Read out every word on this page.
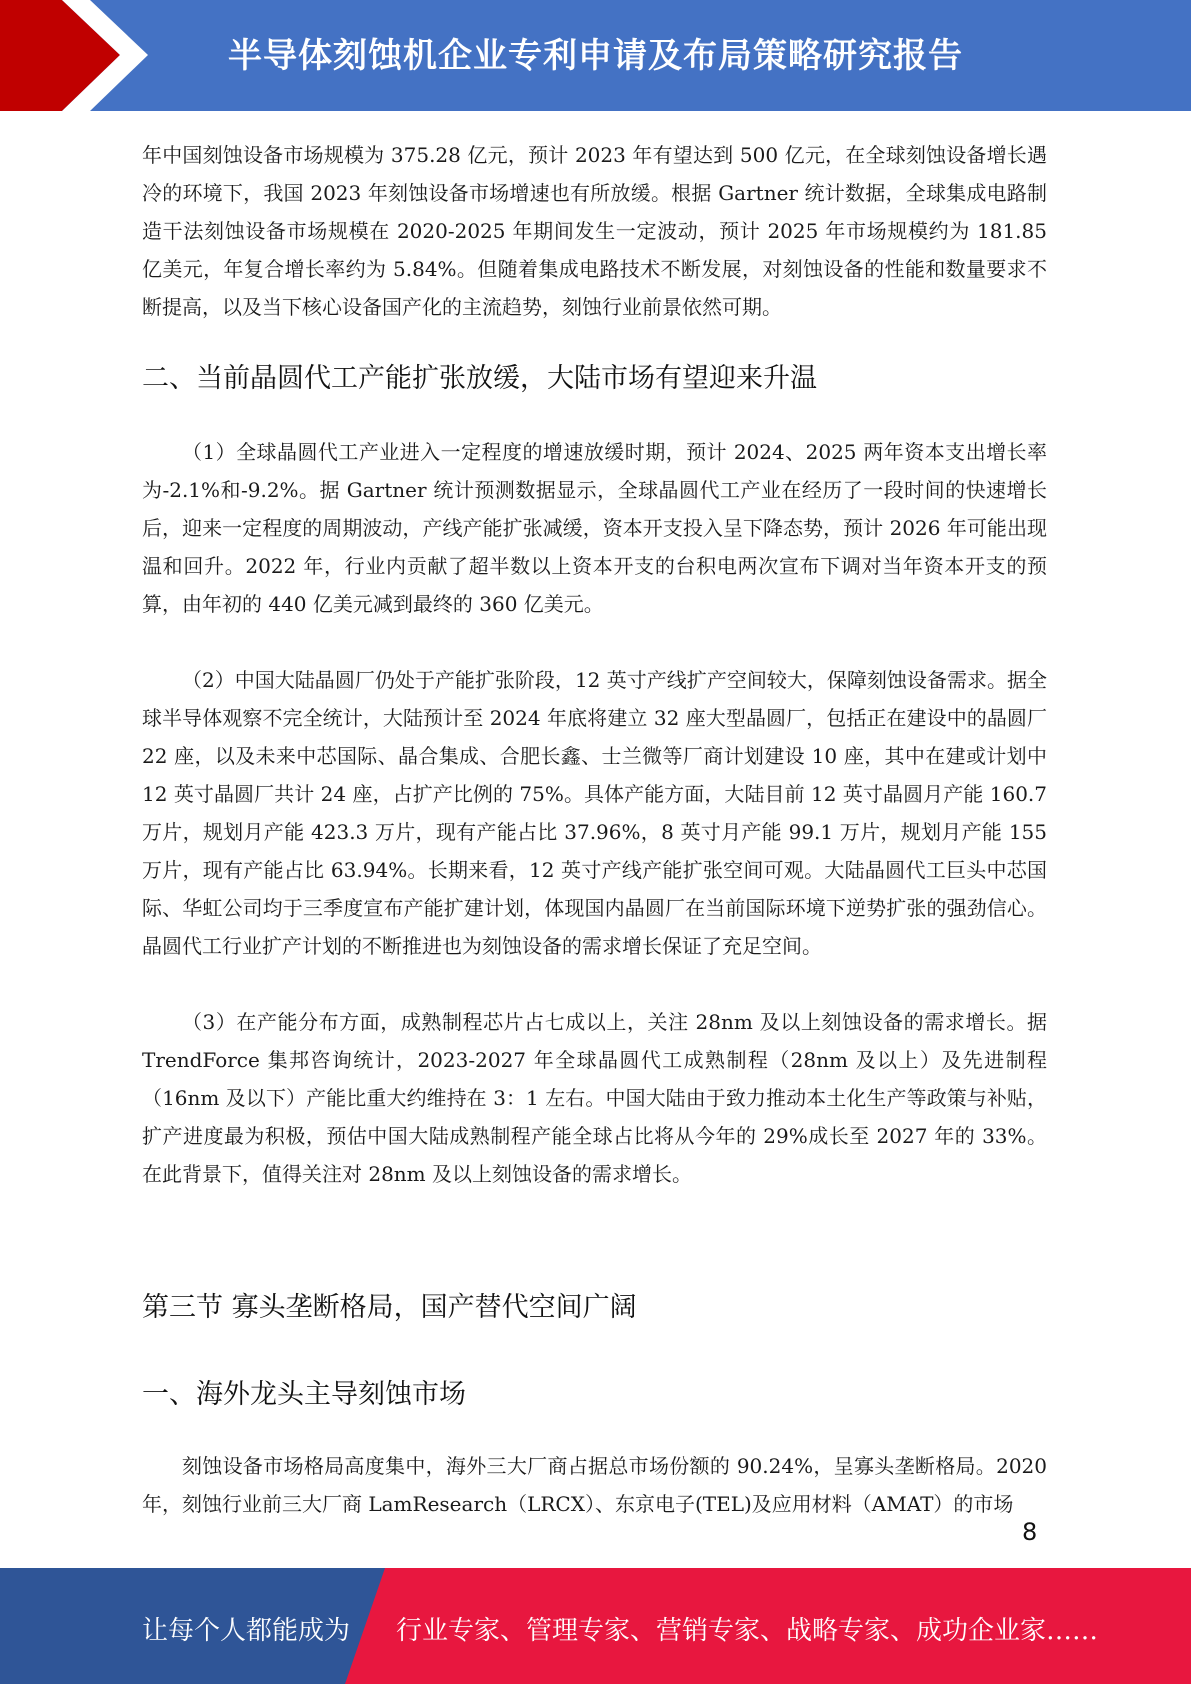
半导体刻蚀机企业专利申请及布局策略研究报告

年中国刻蚀设备市场规模为 375.28 亿元，预计 2023 年有望达到 500 亿元，在全球刻蚀设备增长遇冷的环境下，我国 2023 年刻蚀设备市场增速也有所放缓。根据 Gartner 统计数据，全球集成电路制造干法刻蚀设备市场规模在 2020-2025 年期间发生一定波动，预计 2025 年市场规模约为 181.85 亿美元，年复合增长率约为 5.84%。但随着集成电路技术不断发展，对刻蚀设备的性能和数量要求不断提高，以及当下核心设备国产化的主流趋势，刻蚀行业前景依然可期。

二、当前晶圆代工产能扩张放缓，大陆市场有望迎来升温

（1）全球晶圆代工产业进入一定程度的增速放缓时期，预计 2024、2025 两年资本支出增长率为-2.1%和-9.2%。据 Gartner 统计预测数据显示，全球晶圆代工产业在经历了一段时间的快速增长后，迎来一定程度的周期波动，产线产能扩张减缓，资本开支投入呈下降态势，预计 2026 年可能出现温和回升。2022 年，行业内贡献了超半数以上资本开支的台积电两次宣布下调对当年资本开支的预算，由年初的 440 亿美元减到最终的 360 亿美元。

（2）中国大陆晶圆厂仍处于产能扩张阶段，12 英寸产线扩产空间较大，保障刻蚀设备需求。据全球半导体观察不完全统计，大陆预计至 2024 年底将建立 32 座大型晶圆厂，包括正在建设中的晶圆厂 22 座，以及未来中芯国际、晶合集成、合肥长鑫、士兰微等厂商计划建设 10 座，其中在建或计划中 12 英寸晶圆厂共计 24 座，占扩产比例的 75%。具体产能方面，大陆目前 12 英寸晶圆月产能 160.7 万片，规划月产能 423.3 万片，现有产能占比 37.96%，8 英寸月产能 99.1 万片，规划月产能 155 万片，现有产能占比 63.94%。长期来看，12 英寸产线产能扩张空间可观。大陆晶圆代工巨头中芯国际、华虹公司均于三季度宣布产能扩建计划，体现国内晶圆厂在当前国际环境下逆势扩张的强劲信心。晶圆代工行业扩产计划的不断推进也为刻蚀设备的需求增长保证了充足空间。

（3）在产能分布方面，成熟制程芯片占七成以上，关注 28nm 及以上刻蚀设备的需求增长。据 TrendForce 集邦咨询统计，2023-2027 年全球晶圆代工成熟制程（28nm 及以上）及先进制程（16nm 及以下）产能比重大约维持在 3：1 左右。中国大陆由于致力推动本土化生产等政策与补贴，扩产进度最为积极，预估中国大陆成熟制程产能全球占比将从今年的 29%成长至 2027 年的 33%。在此背景下，值得关注对 28nm 及以上刻蚀设备的需求增长。

第三节 寡头垄断格局，国产替代空间广阔
一、海外龙头主导刻蚀市场

刻蚀设备市场格局高度集中，海外三大厂商占据总市场份额的 90.24%，呈寡头垄断格局。2020 年，刻蚀行业前三大厂商 LamResearch（LRCX）、东京电子(TEL)及应用材料（AMAT）的市场

8
让每个人都能成为 行业专家、管理专家、营销专家、战略专家、成功企业家……
